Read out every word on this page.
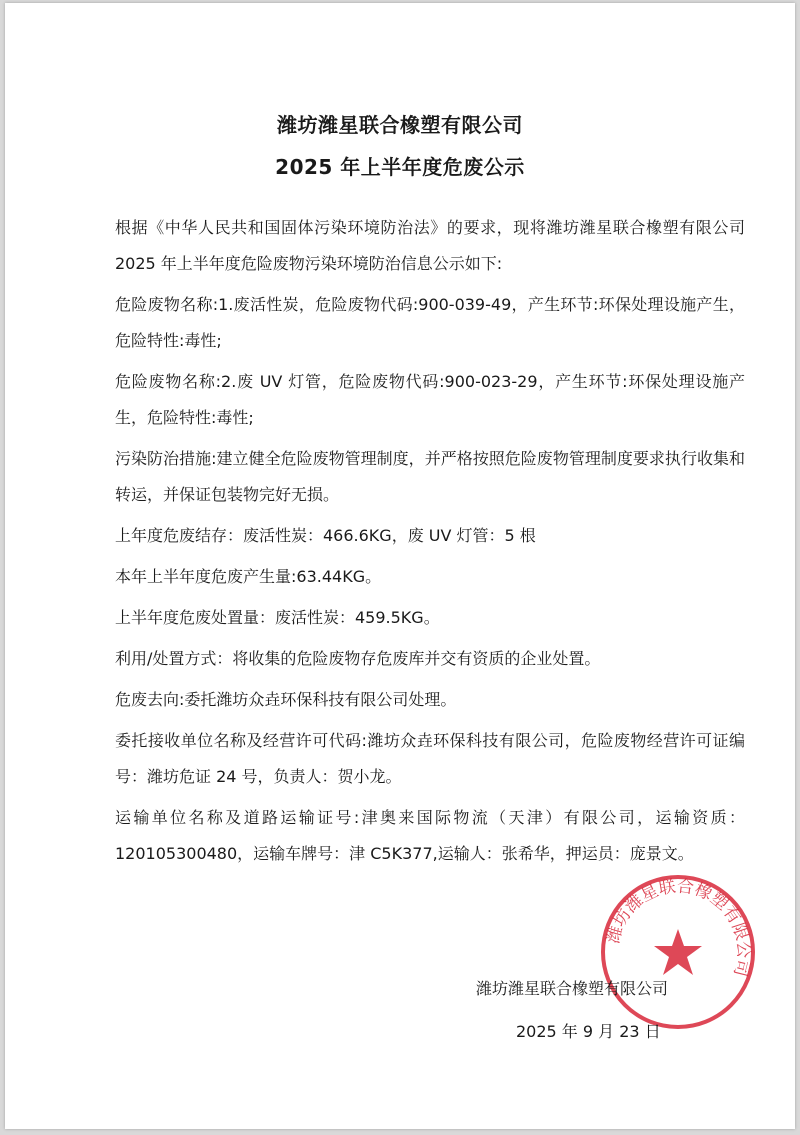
潍坊潍星联合橡塑有限公司
2025 年上半年度危废公示

根据《中华人民共和国固体污染环境防治法》的要求，现将潍坊潍星联合橡塑有限公司 2025 年上半年度危险废物污染环境防治信息公示如下:

危险废物名称:1.废活性炭，危险废物代码:900-039-49，产生环节:环保处理设施产生，危险特性:毒性;

危险废物名称:2.废 UV 灯管，危险废物代码:900-023-29，产生环节:环保处理设施产生，危险特性:毒性;

污染防治措施:建立健全危险废物管理制度，并严格按照危险废物管理制度要求执行收集和转运，并保证包装物完好无损。

上年度危废结存：废活性炭：466.6KG，废 UV 灯管：5 根

本年上半年度危废产生量:63.44KG。

上半年度危废处置量：废活性炭：459.5KG。

利用/处置方式：将收集的危险废物存危废库并交有资质的企业处置。

危废去向:委托潍坊众垚环保科技有限公司处理。

委托接收单位名称及经营许可代码:潍坊众垚环保科技有限公司，危险废物经营许可证编号：潍坊危证 24 号，负责人：贺小龙。

运输单位名称及道路运输证号:津奥来国际物流（天津）有限公司，运输资质：120105300480，运输车牌号：津 C5K377,运输人：张希华，押运员：庞景文。

潍坊潍星联合橡塑有限公司
潍坊潍星联合橡塑有限公司
2025 年 9 月 23 日
